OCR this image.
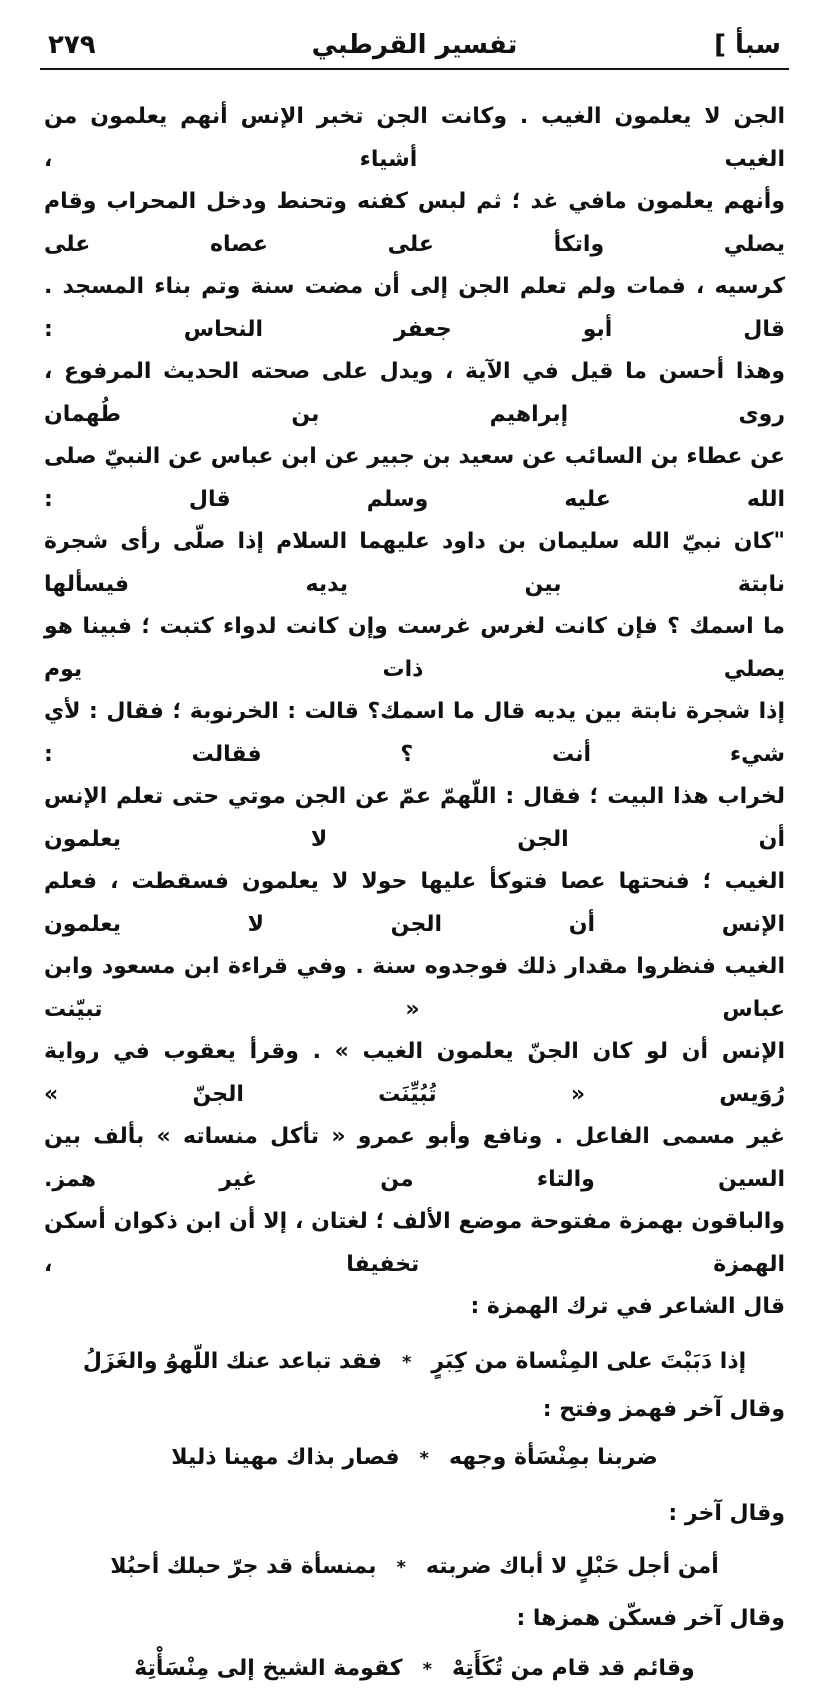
سبأ ]
تفسير القرطبي
٢٧٩

الجن لا يعلمون الغيب . وكانت الجن تخبر الإنس أنهم يعلمون من الغيب أشياء ،

وأنهم يعلمون مافي غد ؛ ثم لبس كفنه وتحنط ودخل المحراب وقام يصلي واتكأ على عصاه على

كرسيه ، فمات ولم تعلم الجن إلى أن مضت سنة وتم بناء المسجد . قال أبو جعفر النحاس :

وهذا أحسن ما قيل في الآية ، ويدل على صحته الحديث المرفوع ، روى إبراهيم بن طُهمان

عن عطاء بن السائب عن سعيد بن جبير عن ابن عباس عن النبيّ صلى الله عليه وسلم قال :

"كان نبيّ الله سليمان بن داود عليهما السلام إذا صلّى رأى شجرة نابتة بين يديه فيسألها

ما اسمك ؟ فإن كانت لغرس غرست وإن كانت لدواء كتبت ؛ فبينا هو يصلي ذات يوم

إذا شجرة نابتة بين يديه قال ما اسمك؟ قالت : الخرنوبة ؛ فقال : لأي شيء أنت ؟ فقالت :

لخراب هذا البيت ؛ فقال : اللّهمّ عمّ عن الجن موتي حتى تعلم الإنس أن الجن لا يعلمون

الغيب ؛ فنحتها عصا فتوكأ عليها حولا لا يعلمون فسقطت ، فعلم الإنس أن الجن لا يعلمون

الغيب فنظروا مقدار ذلك فوجدوه سنة . وفي قراءة ابن مسعود وابن عباس « تبيّنت

الإنس أن لو كان الجنّ يعلمون الغيب » . وقرأ يعقوب في رواية رُوَيس « تُبُيِّنَت الجنّ »

غير مسمى الفاعل . ونافع وأبو عمرو « تأكل منساته » بألف بين السين والتاء من غير همز.

والباقون بهمزة مفتوحة موضع الألف ؛ لغتان ، إلا أن ابن ذكوان أسكن الهمزة تخفيفا ،

قال الشاعر في ترك الهمزة :

إذا دَبَبْتَ على المِنْساة من كِبَرٍ
*
فقد تباعد عنك اللّهوُ والغَزَلُ

وقال آخر فهمز وفتح :

ضربنا بمِنْسَأة وجهه
*
فصار بذاك مهينا ذليلا

وقال آخر :

أمن أجل حَبْلٍ لا أباك ضربته
*
بمنسأة قد جرّ حبلك أحبُلا

وقال آخر فسكّن همزها :

وقائم قد قام من تُكَأَتِهْ
*
كقومة الشيخ إلى مِنْسَأْتِهْ
